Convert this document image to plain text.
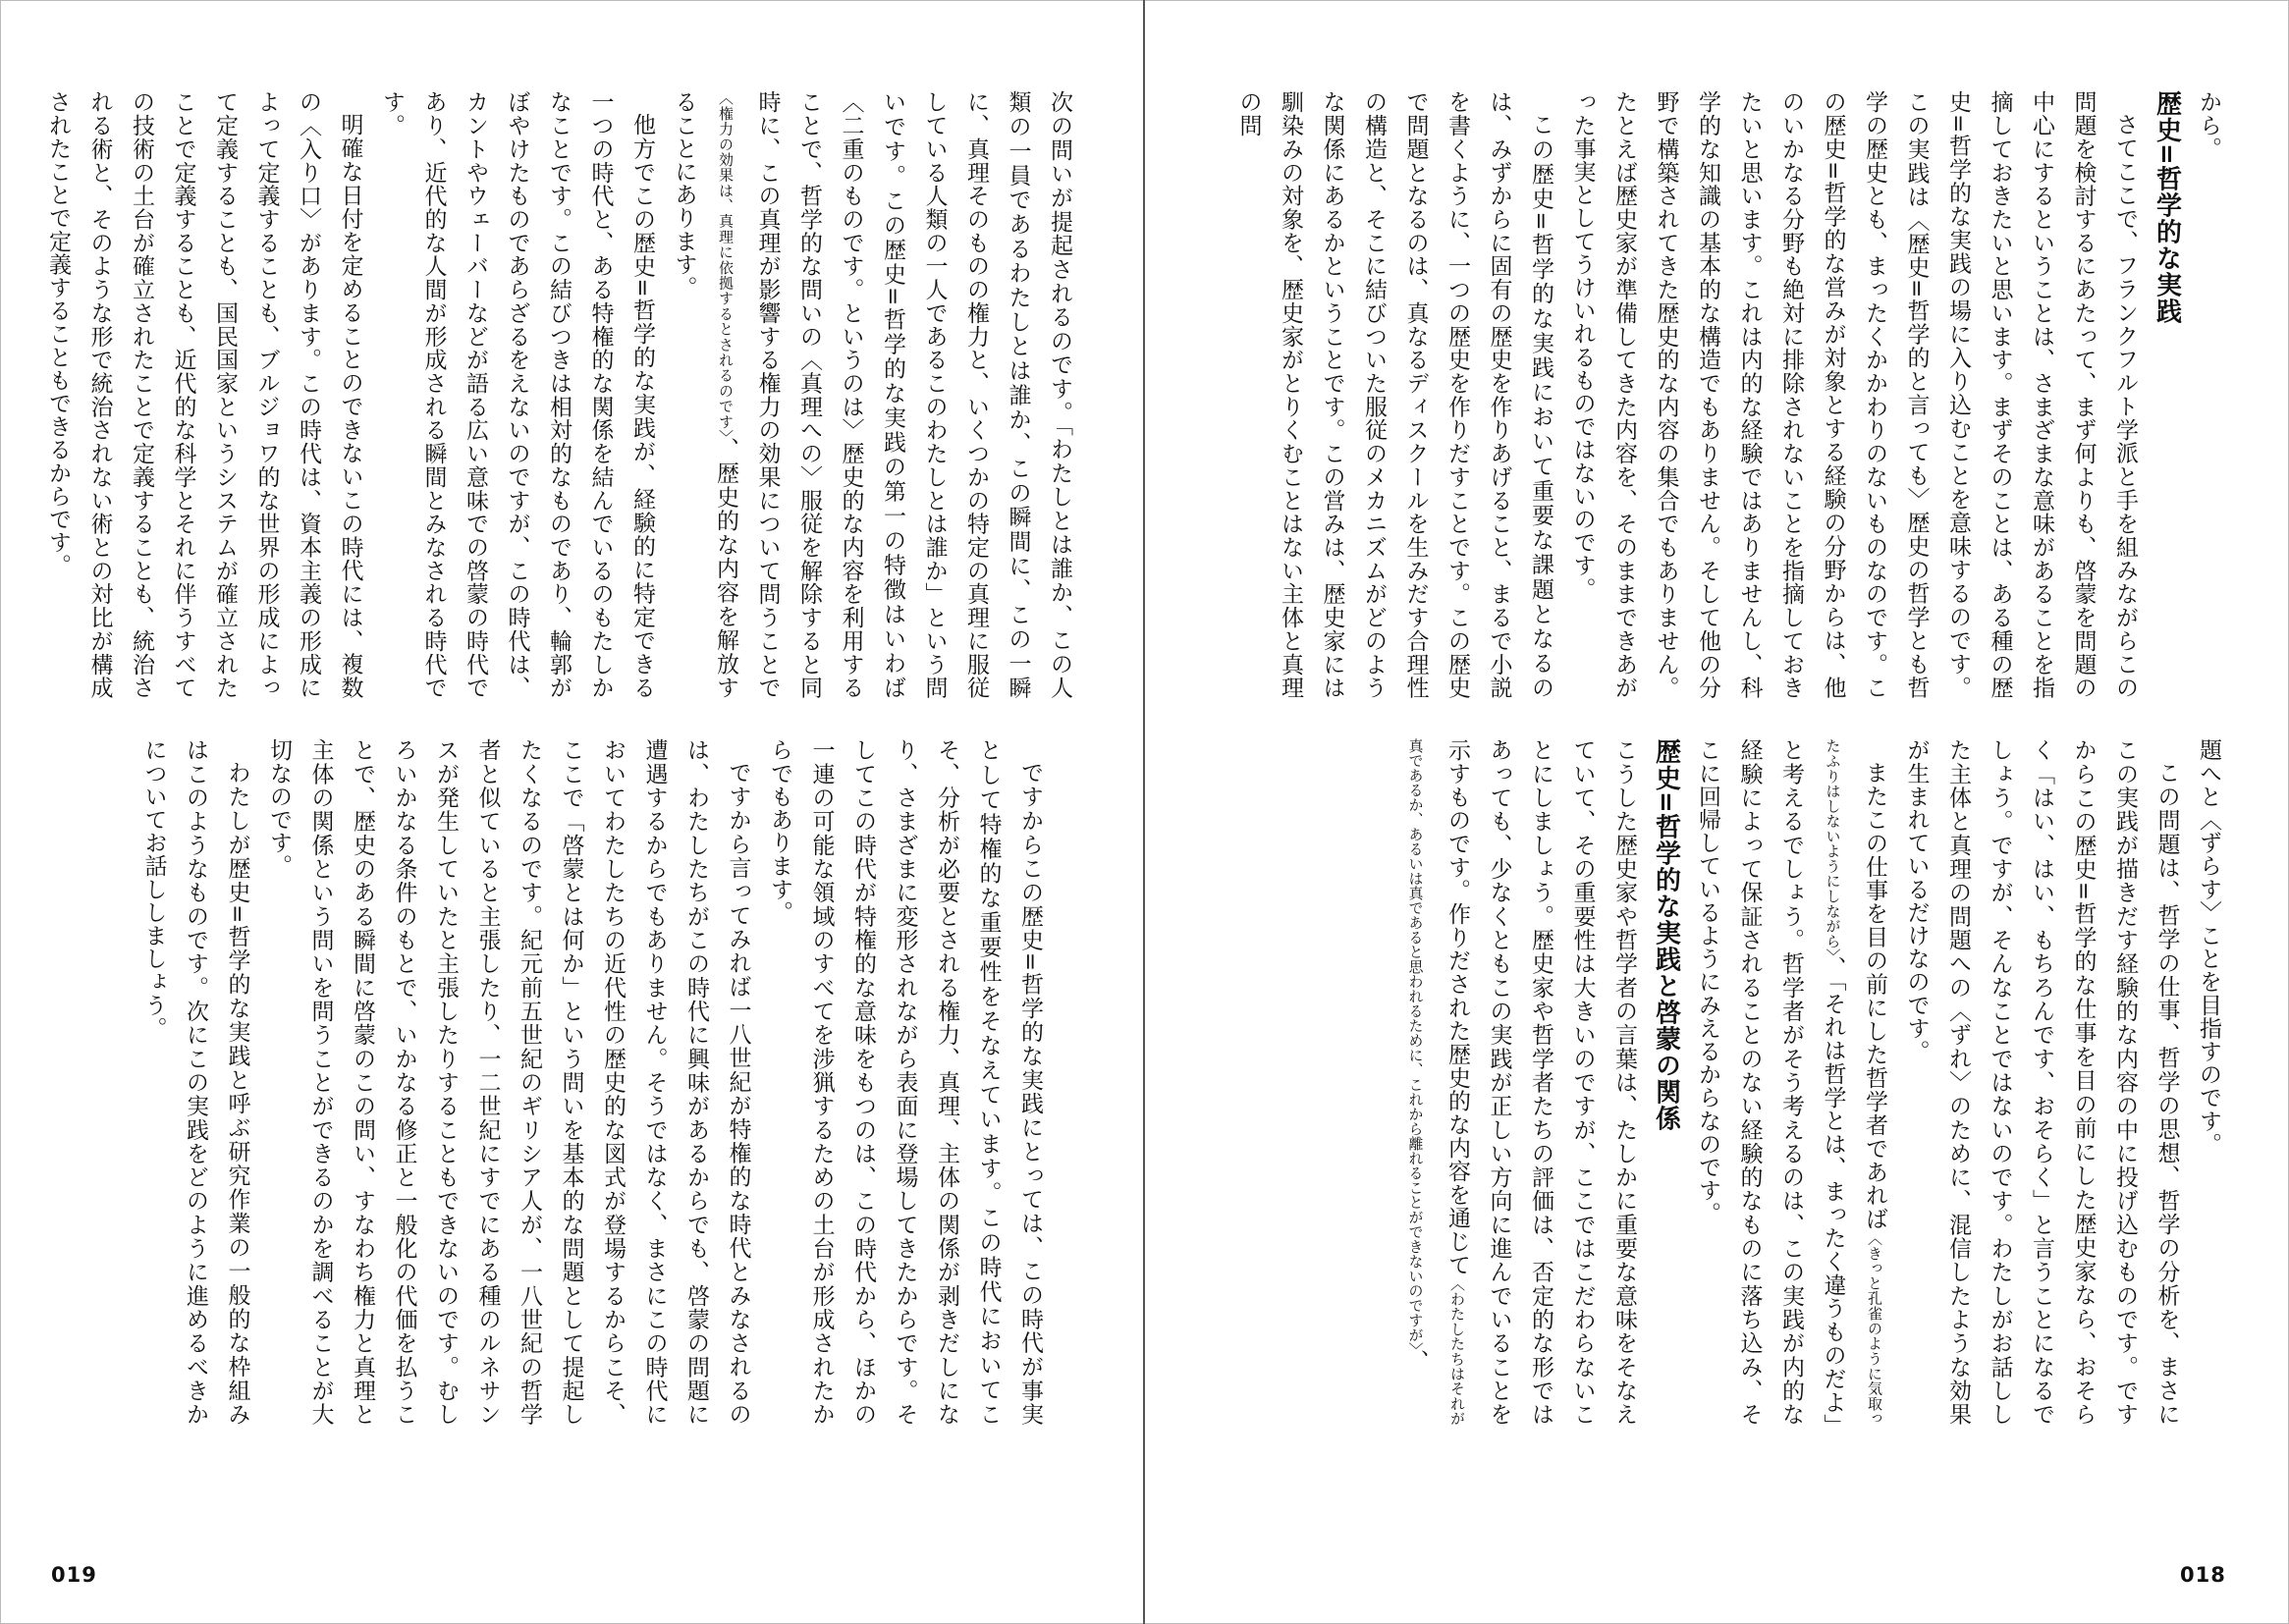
次の問いが提起されるのです。「わたしとは誰か、この人類の一員であるわたしとは誰か、この瞬間に、この一瞬に、真理そのものの権力と、いくつかの特定の真理に服従している人類の一人であるこのわたしとは誰か」という問いです。この歴史=哲学的な実践の第一の特徴はいわば〈二重のものです。というのは〉歴史的な内容を利用することで、哲学的な問いの〈真理への〉服従を解除すると同時に、この真理が影響する権力の効果について問うことで〈権力の効果は、真理に依拠するとされるのです〉、歴史的な内容を解放することにあります。

他方でこの歴史=哲学的な実践が、経験的に特定できる一つの時代と、ある特権的な関係を結んでいるのもたしかなことです。この結びつきは相対的なものであり、輪郭がぼやけたものであらざるをえないのですが、この時代は、カントやウェーバーなどが語る広い意味での啓蒙の時代であり、近代的な人間が形成される瞬間とみなされる時代です。

明確な日付を定めることのできないこの時代には、複数の〈入り口〉があります。この時代は、資本主義の形成によって定義することも、ブルジョワ的な世界の形成によって定義することも、国民国家というシステムが確立されたことで定義することも、近代的な科学とそれに伴うすべての技術の土台が確立されたことで定義することも、統治される術と、そのような形で統治されない術との対比が構成されたことで定義することもできるからです。

ですからこの歴史=哲学的な実践にとっては、この時代が事実として特権的な重要性をそなえています。この時代においてこそ、分析が必要とされる権力、真理、主体の関係が剥きだしになり、さまざまに変形されながら表面に登場してきたからです。そしてこの時代が特権的な意味をもつのは、この時代から、ほかの一連の可能な領域のすべてを涉猟するための土台が形成されたからでもあります。

ですから言ってみれば一八世紀が特権的な時代とみなされるのは、わたしたちがこの時代に興味があるからでも、啓蒙の問題に遭遇するからでもありません。そうではなく、まさにこの時代においてわたしたちの近代性の歴史的な図式が登場するからこそ、ここで「啓蒙とは何か」という問いを基本的な問題として提起したくなるのです。紀元前五世紀のギリシア人が、一八世紀の哲学者と似ていると主張したり、一二世紀にすでにある種のルネサンスが発生していたと主張したりすることもできないのです。むしろいかなる条件のもとで、いかなる修正と一般化の代価を払うことで、歴史のある瞬間に啓蒙のこの問い、すなわち権力と真理と主体の関係という問いを問うことができるのかを調べることが大切なのです。

わたしが歴史=哲学的な実践と呼ぶ研究作業の一般的な枠組みはこのようなものです。次にこの実践をどのように進めるべきかについてお話ししましょう。

019

から。

歴史=哲学的な実践

さてここで、フランクフルト学派と手を組みながらこの問題を検討するにあたって、まず何よりも、啓蒙を問題の中心にするということは、さまざまな意味があることを指摘しておきたいと思います。まずそのことは、ある種の歴史=哲学的な実践の場に入り込むことを意味するのです。この実践は〈歴史=哲学的と言っても〉歴史の哲学とも哲学の歴史とも、まったくかかわりのないものなのです。この歴史=哲学的な営みが対象とする経験の分野からは、他のいかなる分野も絶対に排除されないことを指摘しておきたいと思います。これは内的な経験ではありませんし、科学的な知識の基本的な構造でもありません。そして他の分野で構築されてきた歴史的な内容の集合でもありません。たとえば歴史家が準備してきた内容を、そのままできあがった事実としてうけいれるものではないのです。

この歴史=哲学的な実践において重要な課題となるのは、みずからに固有の歴史を作りあげること、まるで小説を書くように、一つの歴史を作りだすことです。この歴史で問題となるのは、真なるディスクールを生みだす合理性の構造と、そこに結びついた服従のメカニズムがどのような関係にあるかということです。この営みは、歴史家には馴染みの対象を、歴史家がとりくむことはない主体と真理の問

題へと〈ずらす〉ことを目指すのです。

この問題は、哲学の仕事、哲学の思想、哲学の分析を、まさにこの実践が描きだす経験的な内容の中に投げ込むものです。ですからこの歴史=哲学的な仕事を目の前にした歴史家なら、おそらく「はい、はい、もちろんです、おそらく」と言うことになるでしょう。ですが、そんなことではないのです。わたしがお話しした主体と真理の問題への〈ずれ〉のために、混信したような効果が生まれているだけなのです。

またこの仕事を目の前にした哲学者であれば〈きっと孔雀のように気取ったふりはしないようにしながら〉、「それは哲学とは、まったく違うものだよ」と考えるでしょう。哲学者がそう考えるのは、この実践が内的な経験によって保証されることのない経験的なものに落ち込み、そこに回帰しているようにみえるからなのです。

歴史=哲学的な実践と啓蒙の関係

こうした歴史家や哲学者の言葉は、たしかに重要な意味をそなえていて、その重要性は大きいのですが、ここではこだわらないことにしましょう。歴史家や哲学者たちの評価は、否定的な形ではあっても、少なくともこの実践が正しい方向に進んでいることを示すものです。作りだされた歴史的な内容を通じて〈わたしたちはそれが真であるか、あるいは真であると思われるために、これから離れることができないのですが〉、

018
